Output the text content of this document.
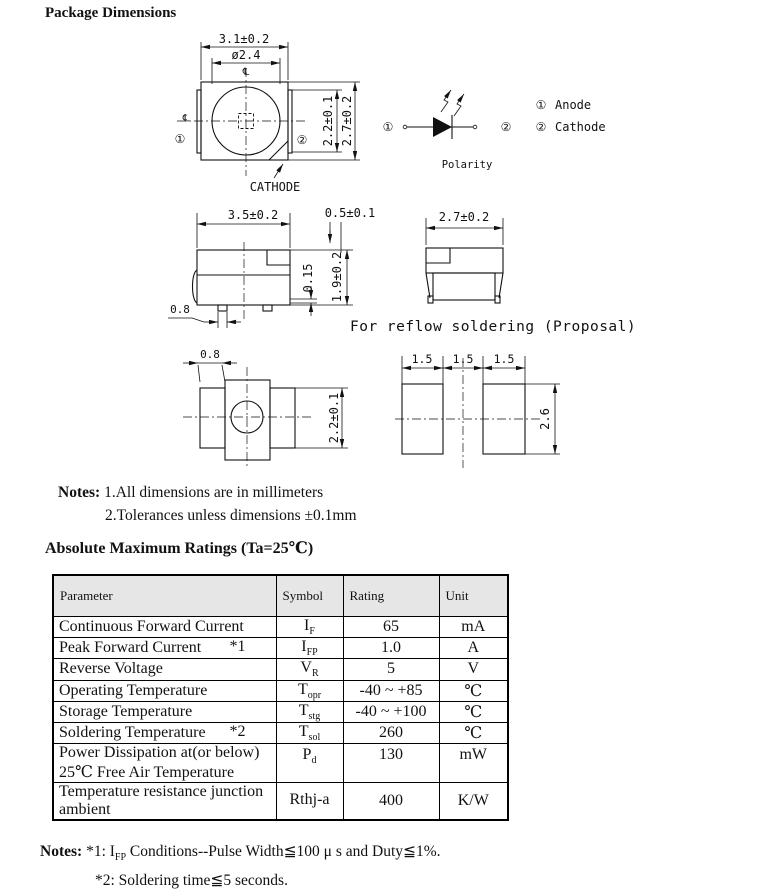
Package Dimensions
3.1±0.2
ø2.4
℄
℄
①	② 2.2±0.1 2.7±0.2
CATHODE
①	②
Polarity
① Anode
② Cathode
3.5±0.2	0.5±0.1
0.15 1.9±0.2
0.8
2.7±0.2
For reflow soldering (Proposal)
0.8
2.2±0.1
1.5 1.5 1.5
2.6
Notes: 1.All dimensions are in millimeters
2.Tolerances unless dimensions ±0.1mm
Absolute Maximum Ratings (Ta=25℃)
Parameter	Symbol	Rating	Unit
Continuous Forward Current	$I_F$	65	mA
Peak Forward Current *1	$I_{FP}$	1.0	A
Reverse Voltage	$V_R$	5	V
Operating Temperature	$T_{opr}$	-40 ~ +85	℃
Storage Temperature	$T_{stg}$	-40 ~ +100	℃
Soldering Temperature *2	$T_{sol}$	260	℃

Power Dissipation at(or below)
25℃ Free Air Temperature	$P_d$	130	mW

Temperature resistance junction
ambient	Rthj-a	400	K/W
Notes: *1: $I_{FP}$ Conditions--Pulse Width≦100 μ s and Duty≦1%.
*2: Soldering time≦5 seconds.
